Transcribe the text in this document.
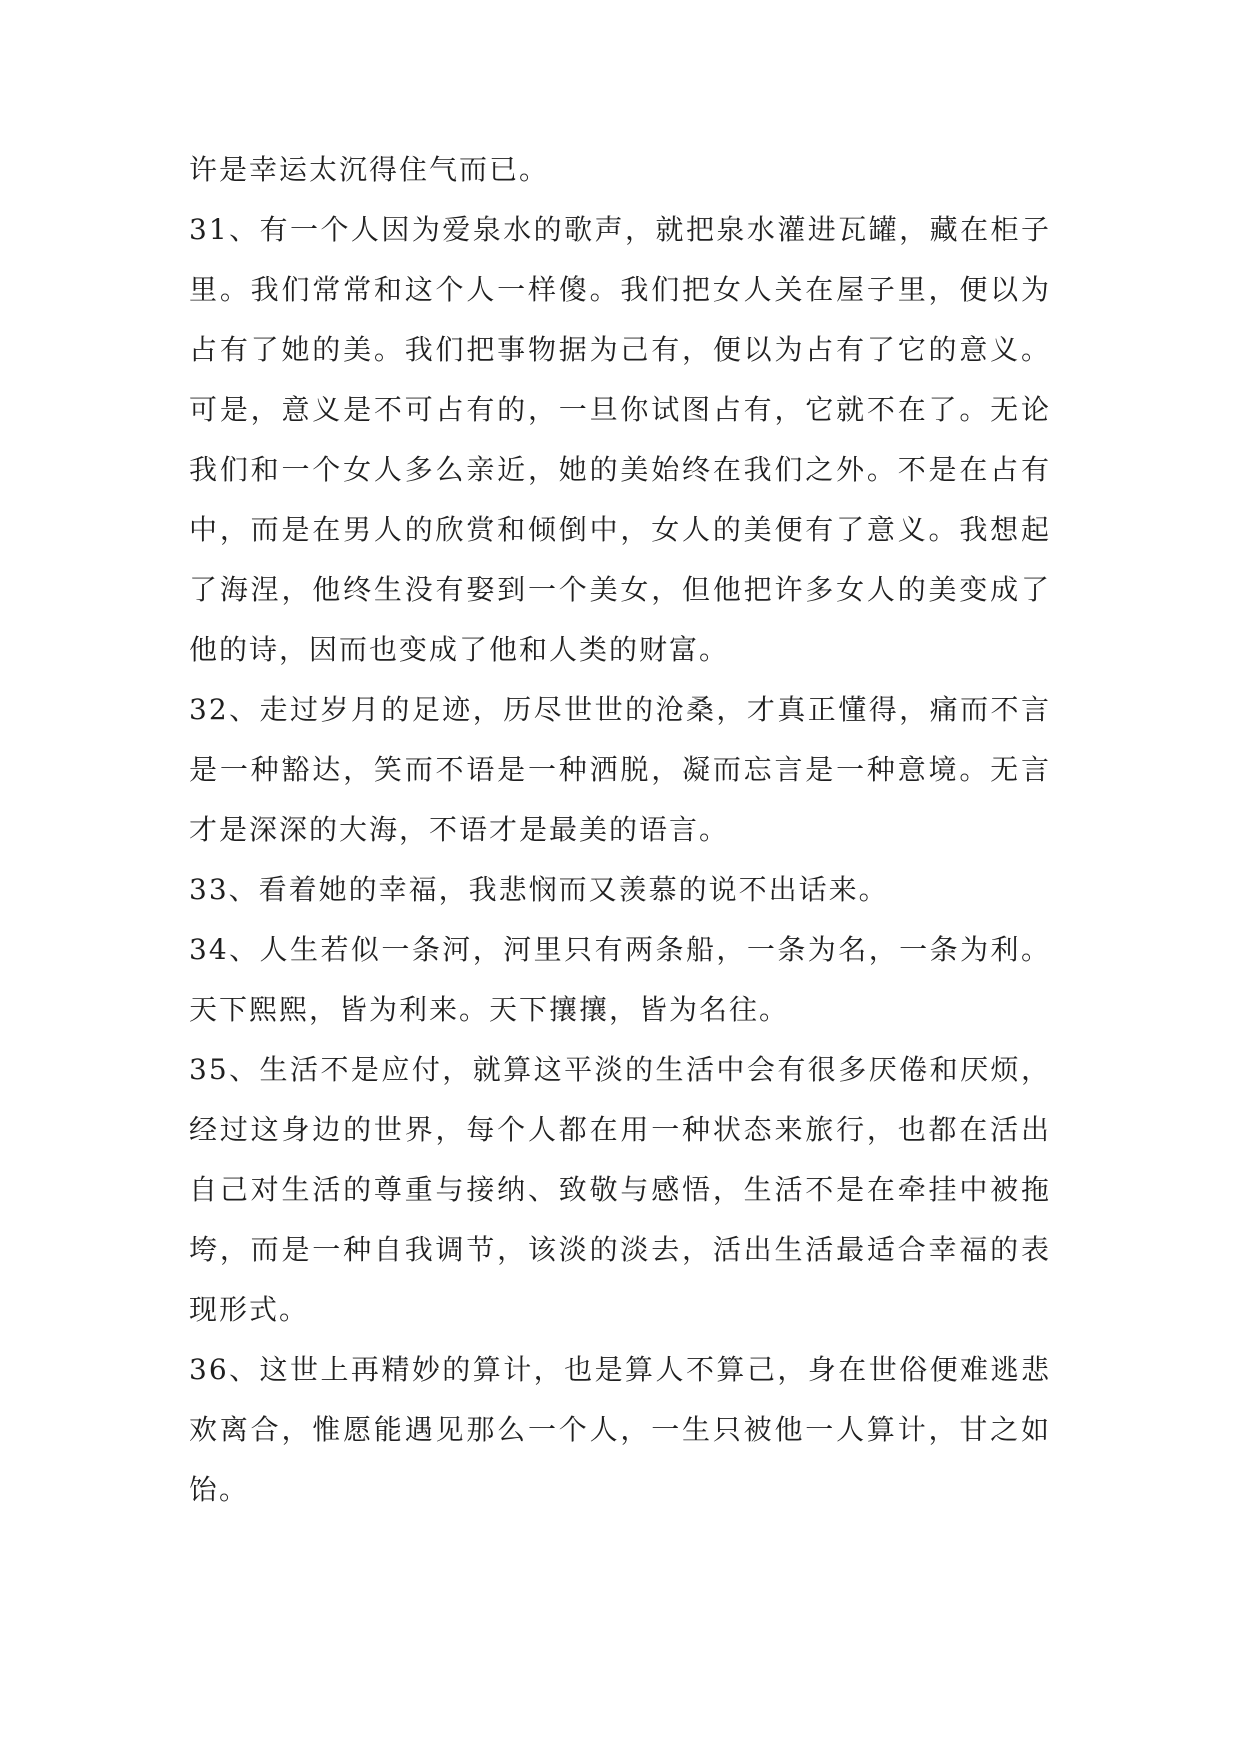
许是幸运太沉得住气而已。

31、有一个人因为爱泉水的歌声，就把泉水灌进瓦罐，藏在柜子里。我们常常和这个人一样傻。我们把女人关在屋子里，便以为占有了她的美。我们把事物据为己有，便以为占有了它的意义。可是，意义是不可占有的，一旦你试图占有，它就不在了。无论我们和一个女人多么亲近，她的美始终在我们之外。不是在占有中，而是在男人的欣赏和倾倒中，女人的美便有了意义。我想起了海涅，他终生没有娶到一个美女，但他把许多女人的美变成了他的诗，因而也变成了他和人类的财富。

32、走过岁月的足迹，历尽世世的沧桑，才真正懂得，痛而不言是一种豁达，笑而不语是一种洒脱，凝而忘言是一种意境。无言才是深深的大海，不语才是最美的语言。

33、看着她的幸福，我悲悯而又羡慕的说不出话来。

34、人生若似一条河，河里只有两条船，一条为名，一条为利。天下熙熙，皆为利来。天下攘攘，皆为名往。

35、生活不是应付，就算这平淡的生活中会有很多厌倦和厌烦，经过这身边的世界，每个人都在用一种状态来旅行，也都在活出自己对生活的尊重与接纳、致敬与感悟，生活不是在牵挂中被拖垮，而是一种自我调节，该淡的淡去，活出生活最适合幸福的表现形式。

36、这世上再精妙的算计，也是算人不算己，身在世俗便难逃悲欢离合，惟愿能遇见那么一个人，一生只被他一人算计，甘之如饴。
